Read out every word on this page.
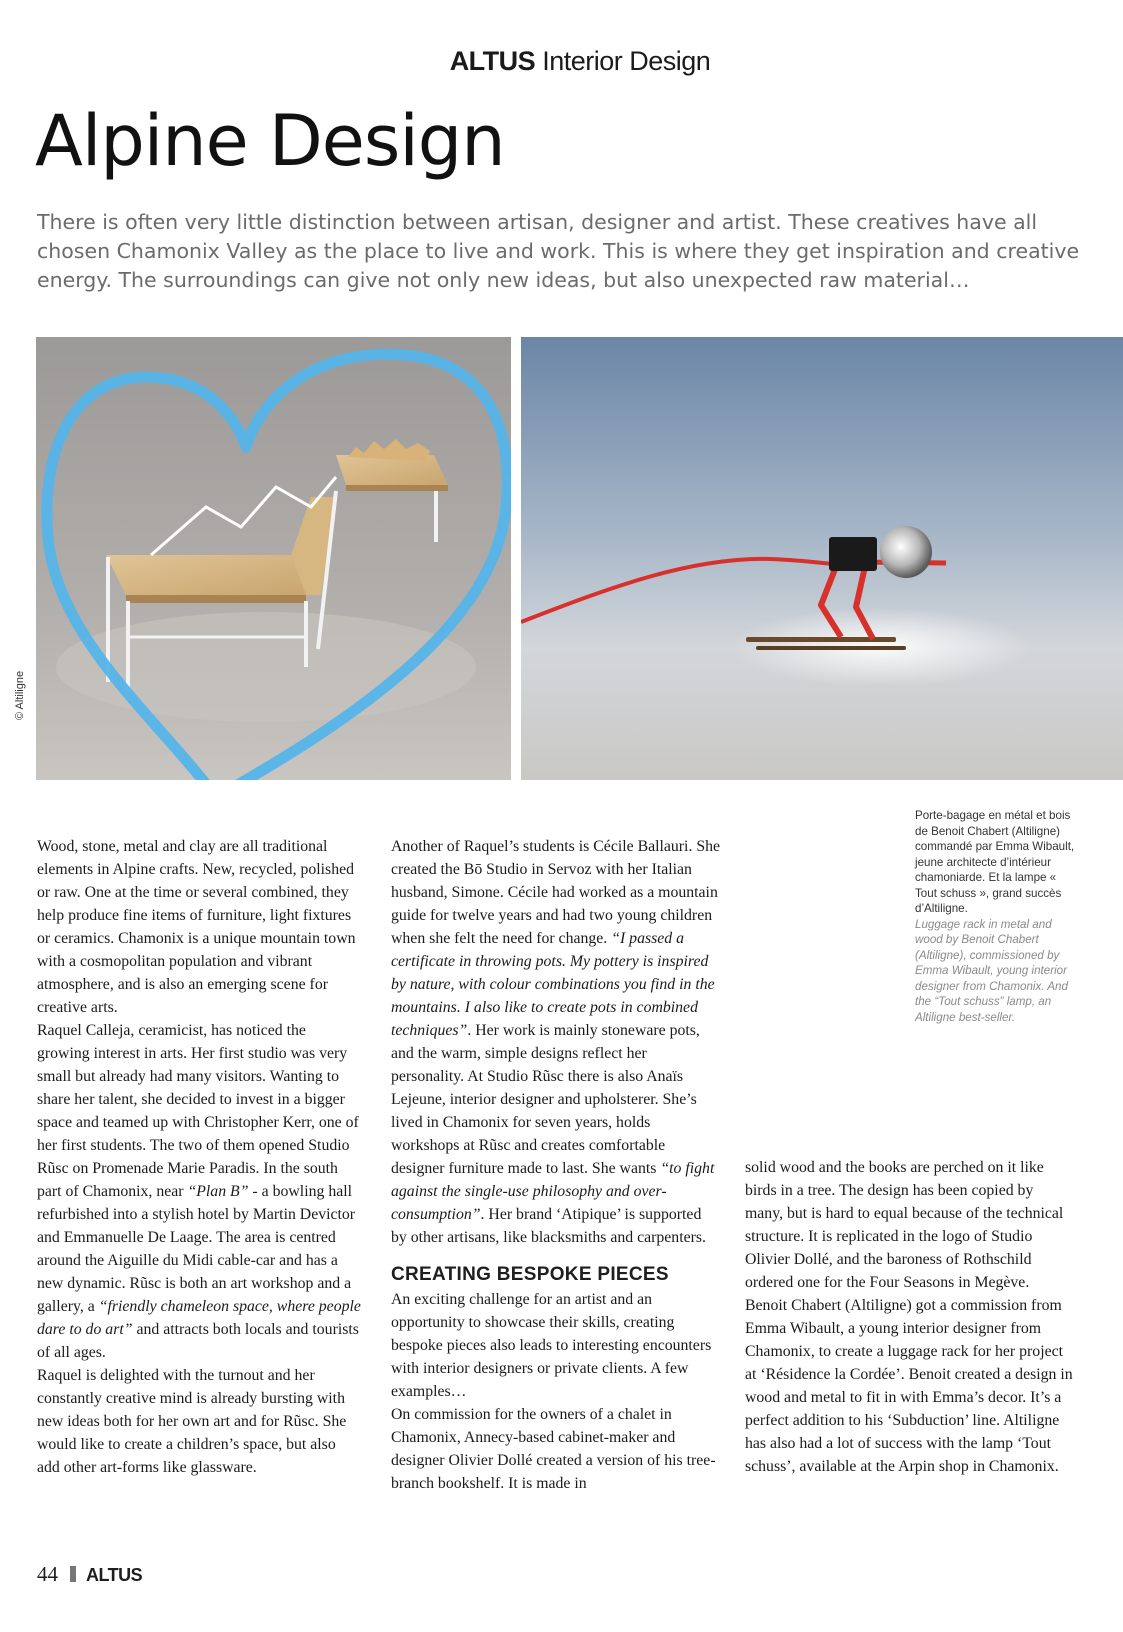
ALTUS Interior Design
Alpine Design

There is often very little distinction between artisan, designer and artist. These creatives have all chosen Chamonix Valley as the place to live and work. This is where they get inspiration and creative energy. The surroundings can give not only new ideas, but also unexpected raw material…

© Altiligne
Porte-bagage en métal et bois de Benoit Chabert (Altiligne) commandé par Emma Wibault, jeune architecte d’intérieur chamoniarde. Et la lampe « Tout schuss », grand succès d’Altiligne.
Luggage rack in metal and wood by Benoit Chabert (Altiligne), commissioned by Emma Wibault, young interior designer from Chamonix. And the “Tout schuss” lamp, an Altiligne best-seller.

Wood, stone, metal and clay are all traditional elements in Alpine crafts. New, recycled, polished or raw. One at the time or several combined, they help produce fine items of furniture, light fixtures or ceramics. Chamonix is a unique mountain town with a cosmopolitan population and vibrant atmosphere, and is also an emerging scene for creative arts.

Raquel Calleja, ceramicist, has noticed the growing interest in arts. Her first studio was very small but already had many visitors. Wanting to share her talent, she decided to invest in a bigger space and teamed up with Christopher Kerr, one of her first students. The two of them opened Studio Rũsc on Promenade Marie Paradis. In the south part of Chamonix, near “Plan B” - a bowling hall refurbished into a stylish hotel by Martin Devictor and Emmanuelle De Laage. The area is centred around the Aiguille du Midi cable-car and has a new dynamic. Rũsc is both an art workshop and a gallery, a “friendly chameleon space, where people dare to do art” and attracts both locals and tourists of all ages.

Raquel is delighted with the turnout and her constantly creative mind is already bursting with new ideas both for her own art and for Rũsc. She would like to create a children’s space, but also add other art-forms like glassware.

Another of Raquel’s students is Cécile Ballauri. She created the Bō Studio in Servoz with her Italian husband, Simone. Cécile had worked as a mountain guide for twelve years and had two young children when she felt the need for change. “I passed a certificate in throwing pots. My pottery is inspired by nature, with colour combinations you find in the mountains. I also like to create pots in combined techniques”. Her work is mainly stoneware pots, and the warm, simple designs reflect her personality. At Studio Rũsc there is also Anaïs Lejeune, interior designer and upholsterer. She’s lived in Chamonix for seven years, holds workshops at Rũsc and creates comfortable designer furniture made to last. She wants “to fight against the single-use philosophy and over-consumption”. Her brand ‘Atipique’ is supported by other artisans, like blacksmiths and carpenters.

CREATING BESPOKE PIECES

An exciting challenge for an artist and an opportunity to showcase their skills, creating bespoke pieces also leads to interesting encounters with interior designers or private clients. A few examples…

On commission for the owners of a chalet in Chamonix, Annecy-based cabinet-maker and designer Olivier Dollé created a version of his tree-branch bookshelf. It is made in

solid wood and the books are perched on it like birds in a tree. The design has been copied by many, but is hard to equal because of the technical structure. It is replicated in the logo of Studio Olivier Dollé, and the baroness of Rothschild ordered one for the Four Seasons in Megève.

Benoit Chabert (Altiligne) got a commission from Emma Wibault, a young interior designer from Chamonix, to create a luggage rack for her project at ‘Résidence la Cordée’. Benoit created a design in wood and metal to fit in with Emma’s decor. It’s a perfect addition to his ‘Subduction’ line. Altiligne has also had a lot of success with the lamp ‘Tout schuss’, available at the Arpin shop in Chamonix.

44 ALTUS
